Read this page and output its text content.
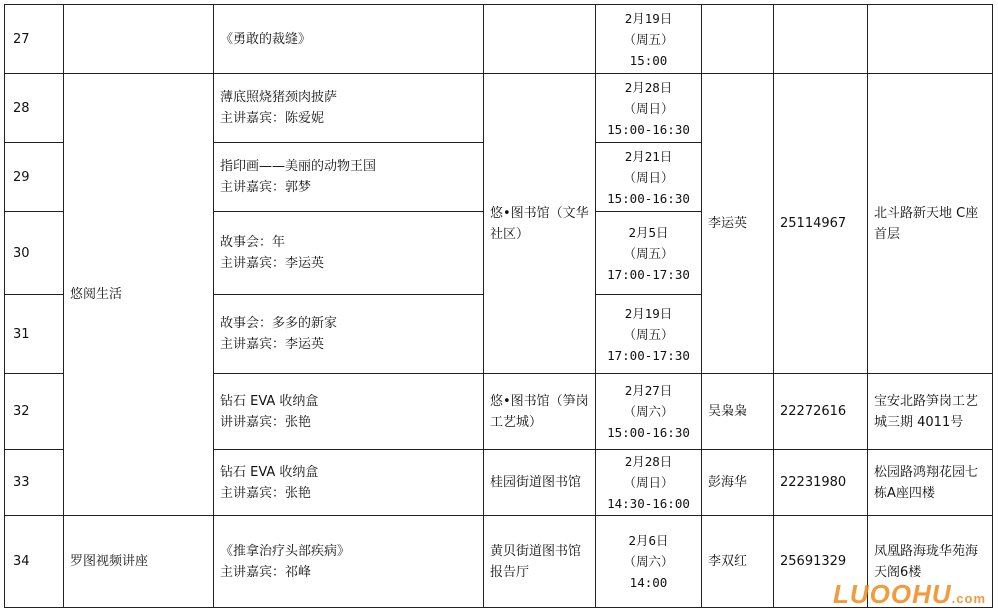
27		《勇敢的裁缝》		2月19日
（周五）
15:00			

28	悠阅生活	薄底照烧猪颈肉披萨
主讲嘉宾：陈爱妮	悠•图书馆（文华社区）	2月28日
（周日）
15:00-16:30	李运英	25114967	北斗路新天地 C座首层
29		指印画——美丽的动物王国
主讲嘉宾：郭梦		2月21日
（周日）
15:00-16:30			

30		故事会：年
主讲嘉宾：李运英		2月5日
（周五）
17:00-17:30			

31		故事会：多多的新家
主讲嘉宾：李运英		2月19日
（周五）
17:00-17:30			

32		钻石 EVA 收纳盒
讲讲嘉宾：张艳	悠•图书馆（笋岗工艺城）	2月27日
（周六）
15:00-16:30	吴枭枭	22272616	宝安北路笋岗工艺城三期 4011号
33		钻石 EVA 收纳盒
主讲嘉宾：张艳	桂园街道图书馆	2月28日
（周日）
14:30-16:00	彭海华	22231980	松园路鸿翔花园七栋A座四楼
34	罗图视频讲座	《推拿治疗头部疾病》
主讲嘉宾：祁峰	黄贝街道图书馆报告厅	2月6日
（周六）
14:00	李双红	25691329	凤凰路海珑华苑海天阁6楼
LUOOHU.com
